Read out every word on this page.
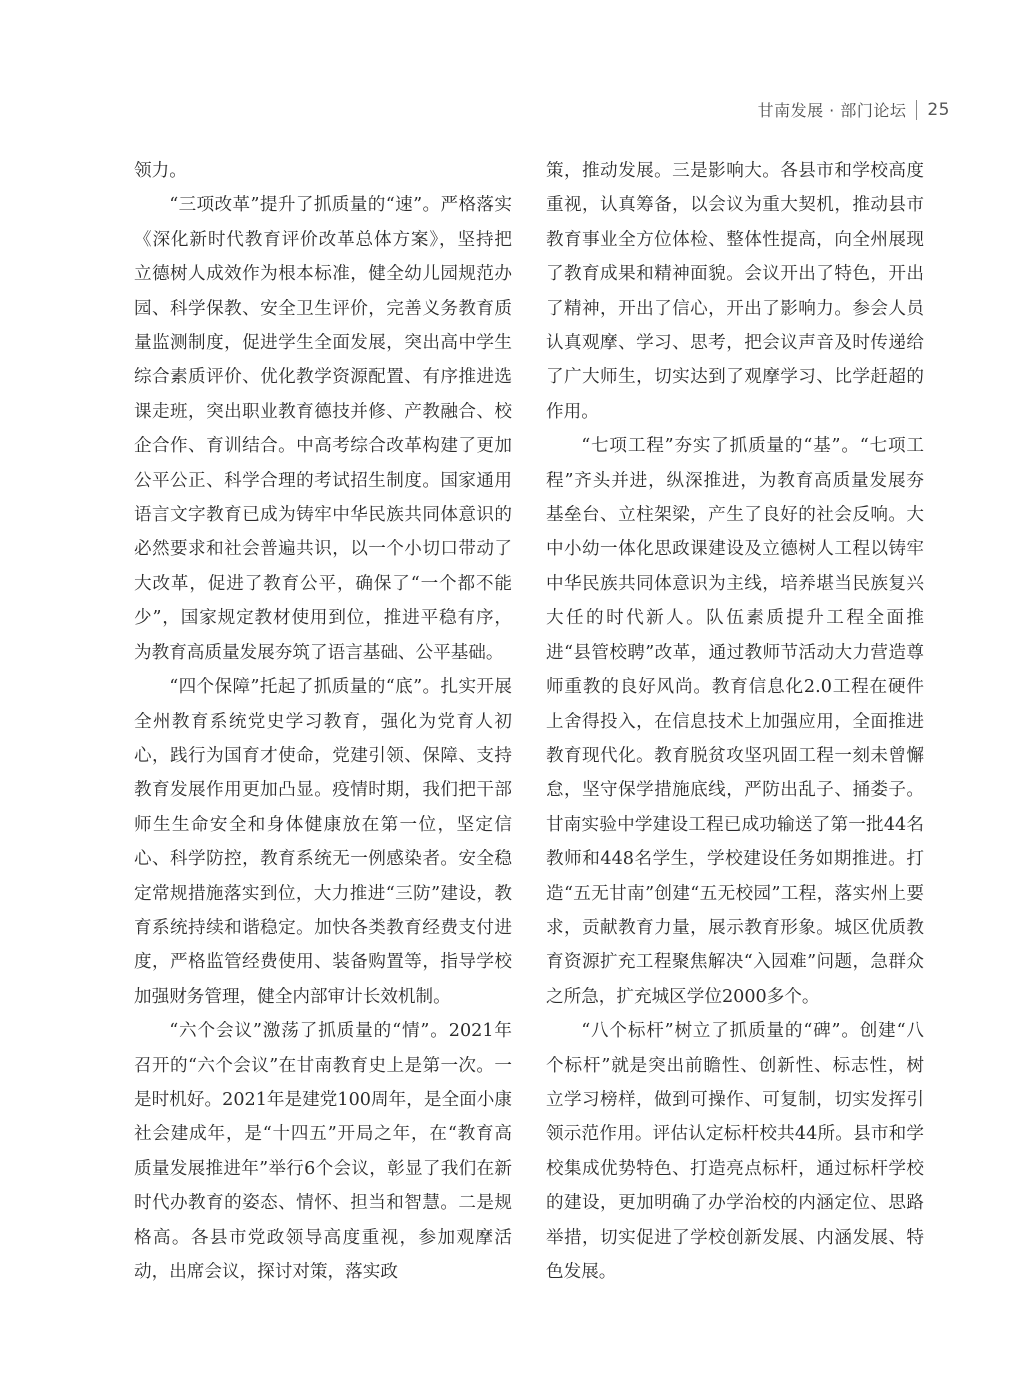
甘南发展 · 部门论坛 25

领力。

“三项改革”提升了抓质量的“速”。严格落实《深化新时代教育评价改革总体方案》，坚持把立德树人成效作为根本标准，健全幼儿园规范办园、科学保教、安全卫生评价，完善义务教育质量监测制度，促进学生全面发展，突出高中学生综合素质评价、优化教学资源配置、有序推进选课走班，突出职业教育德技并修、产教融合、校企合作、育训结合。中高考综合改革构建了更加公平公正、科学合理的考试招生制度。国家通用语言文字教育已成为铸牢中华民族共同体意识的必然要求和社会普遍共识，以一个小切口带动了大改革，促进了教育公平，确保了“一个都不能少”，国家规定教材使用到位，推进平稳有序，为教育高质量发展夯筑了语言基础、公平基础。

“四个保障”托起了抓质量的“底”。扎实开展全州教育系统党史学习教育，强化为党育人初心，践行为国育才使命，党建引领、保障、支持教育发展作用更加凸显。疫情时期，我们把干部师生生命安全和身体健康放在第一位，坚定信心、科学防控，教育系统无一例感染者。安全稳定常规措施落实到位，大力推进“三防”建设，教育系统持续和谐稳定。加快各类教育经费支付进度，严格监管经费使用、装备购置等，指导学校加强财务管理，健全内部审计长效机制。

“六个会议”激荡了抓质量的“情”。2021年召开的“六个会议”在甘南教育史上是第一次。一是时机好。2021年是建党100周年，是全面小康社会建成年，是“十四五”开局之年，在“教育高质量发展推进年”举行6个会议，彰显了我们在新时代办教育的姿态、情怀、担当和智慧。二是规格高。各县市党政领导高度重视，参加观摩活动，出席会议，探讨对策，落实政

策，推动发展。三是影响大。各县市和学校高度重视，认真筹备，以会议为重大契机，推动县市教育事业全方位体检、整体性提高，向全州展现了教育成果和精神面貌。会议开出了特色，开出了精神，开出了信心，开出了影响力。参会人员认真观摩、学习、思考，把会议声音及时传递给了广大师生，切实达到了观摩学习、比学赶超的作用。

“七项工程”夯实了抓质量的“基”。“七项工程”齐头并进，纵深推进，为教育高质量发展夯基垒台、立柱架梁，产生了良好的社会反响。大中小幼一体化思政课建设及立德树人工程以铸牢中华民族共同体意识为主线，培养堪当民族复兴大任的时代新人。队伍素质提升工程全面推进“县管校聘”改革，通过教师节活动大力营造尊师重教的良好风尚。教育信息化2.0工程在硬件上舍得投入，在信息技术上加强应用，全面推进教育现代化。教育脱贫攻坚巩固工程一刻未曾懈怠，坚守保学措施底线，严防出乱子、捅娄子。甘南实验中学建设工程已成功输送了第一批44名教师和448名学生，学校建设任务如期推进。打造“五无甘南”创建“五无校园”工程，落实州上要求，贡献教育力量，展示教育形象。城区优质教育资源扩充工程聚焦解决“入园难”问题，急群众之所急，扩充城区学位2000多个。

“八个标杆”树立了抓质量的“碑”。创建“八个标杆”就是突出前瞻性、创新性、标志性，树立学习榜样，做到可操作、可复制，切实发挥引领示范作用。评估认定标杆校共44所。县市和学校集成优势特色、打造亮点标杆，通过标杆学校的建设，更加明确了办学治校的内涵定位、思路举措，切实促进了学校创新发展、内涵发展、特色发展。
